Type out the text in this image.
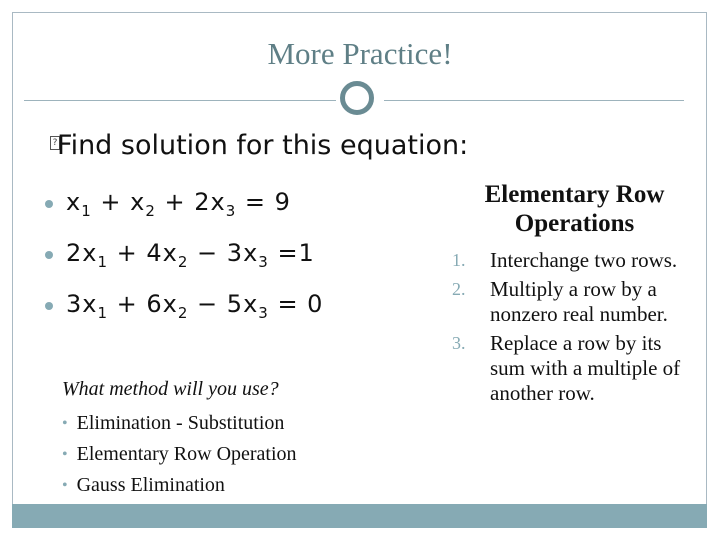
More Practice!
? Find solution for this equation:
$x_1 + x_2 + 2x_3 = 9$
$2x_1 + 4x_2 - 3x_3 =1$
$3x_1 + 6x_2 - 5x_3 = 0$
What method will you use?
• Elimination - Substitution
• Elementary Row Operation
• Gauss Elimination
Elementary Row
Operations
1.	Interchange two rows.
2.	Multiply a row by a nonzero real number.
3.	Replace a row by its sum with a multiple of another row.
